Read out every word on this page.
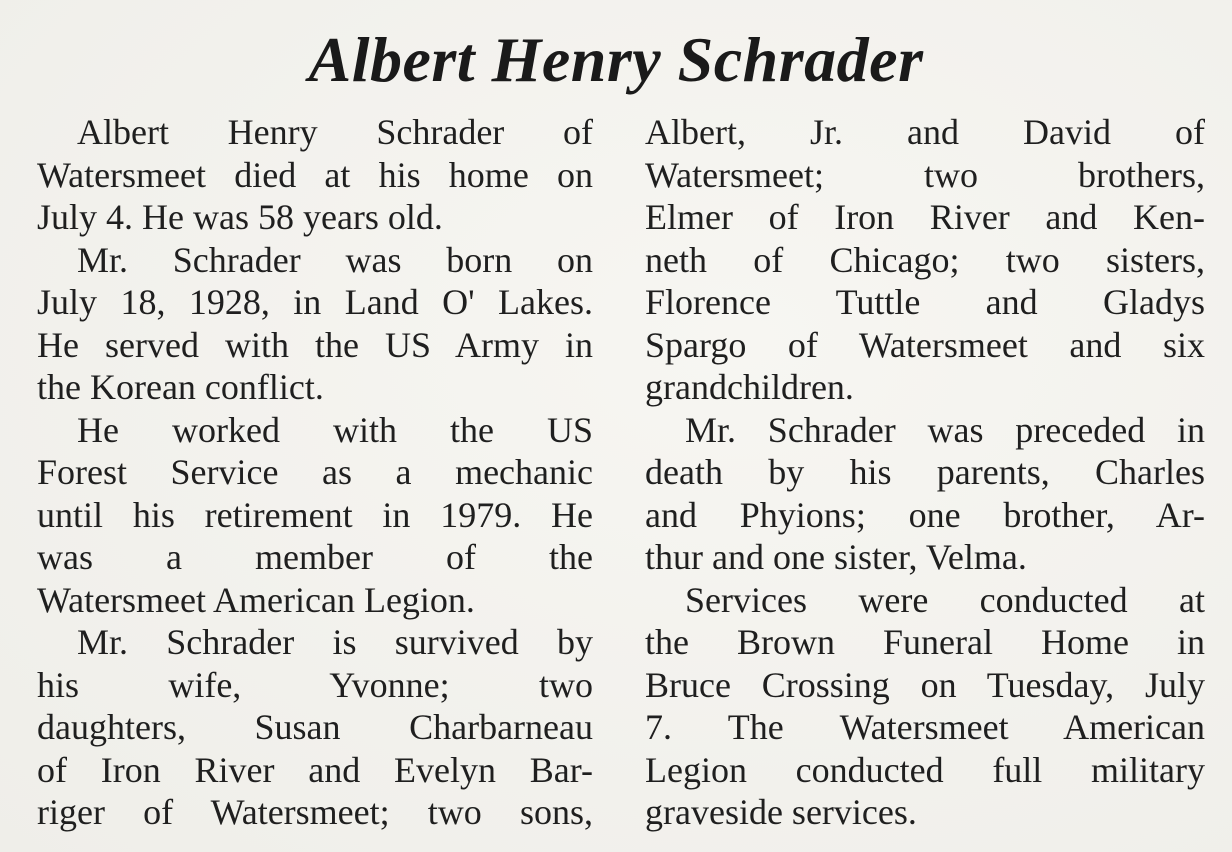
Albert Henry Schrader

Albert Henry Schrader of
Watersmeet died at his home on
July 4. He was 58 years old.

Mr. Schrader was born on
July 18, 1928, in Land O' Lakes.
He served with the US Army in
the Korean conflict.

He worked with the US
Forest Service as a mechanic
until his retirement in 1979. He
was a member of the
Watersmeet American Legion.

Mr. Schrader is survived by
his wife, Yvonne; two
daughters, Susan Charbarneau
of Iron River and Evelyn Bar-
riger of Watersmeet; two sons,

Albert, Jr. and David of
Watersmeet; two brothers,
Elmer of Iron River and Ken-
neth of Chicago; two sisters,
Florence Tuttle and Gladys
Spargo of Watersmeet and six
grandchildren.

Mr. Schrader was preceded in
death by his parents, Charles
and Phyions; one brother, Ar-
thur and one sister, Velma.

Services were conducted at
the Brown Funeral Home in
Bruce Crossing on Tuesday, July
7. The Watersmeet American
Legion conducted full military
graveside services.
